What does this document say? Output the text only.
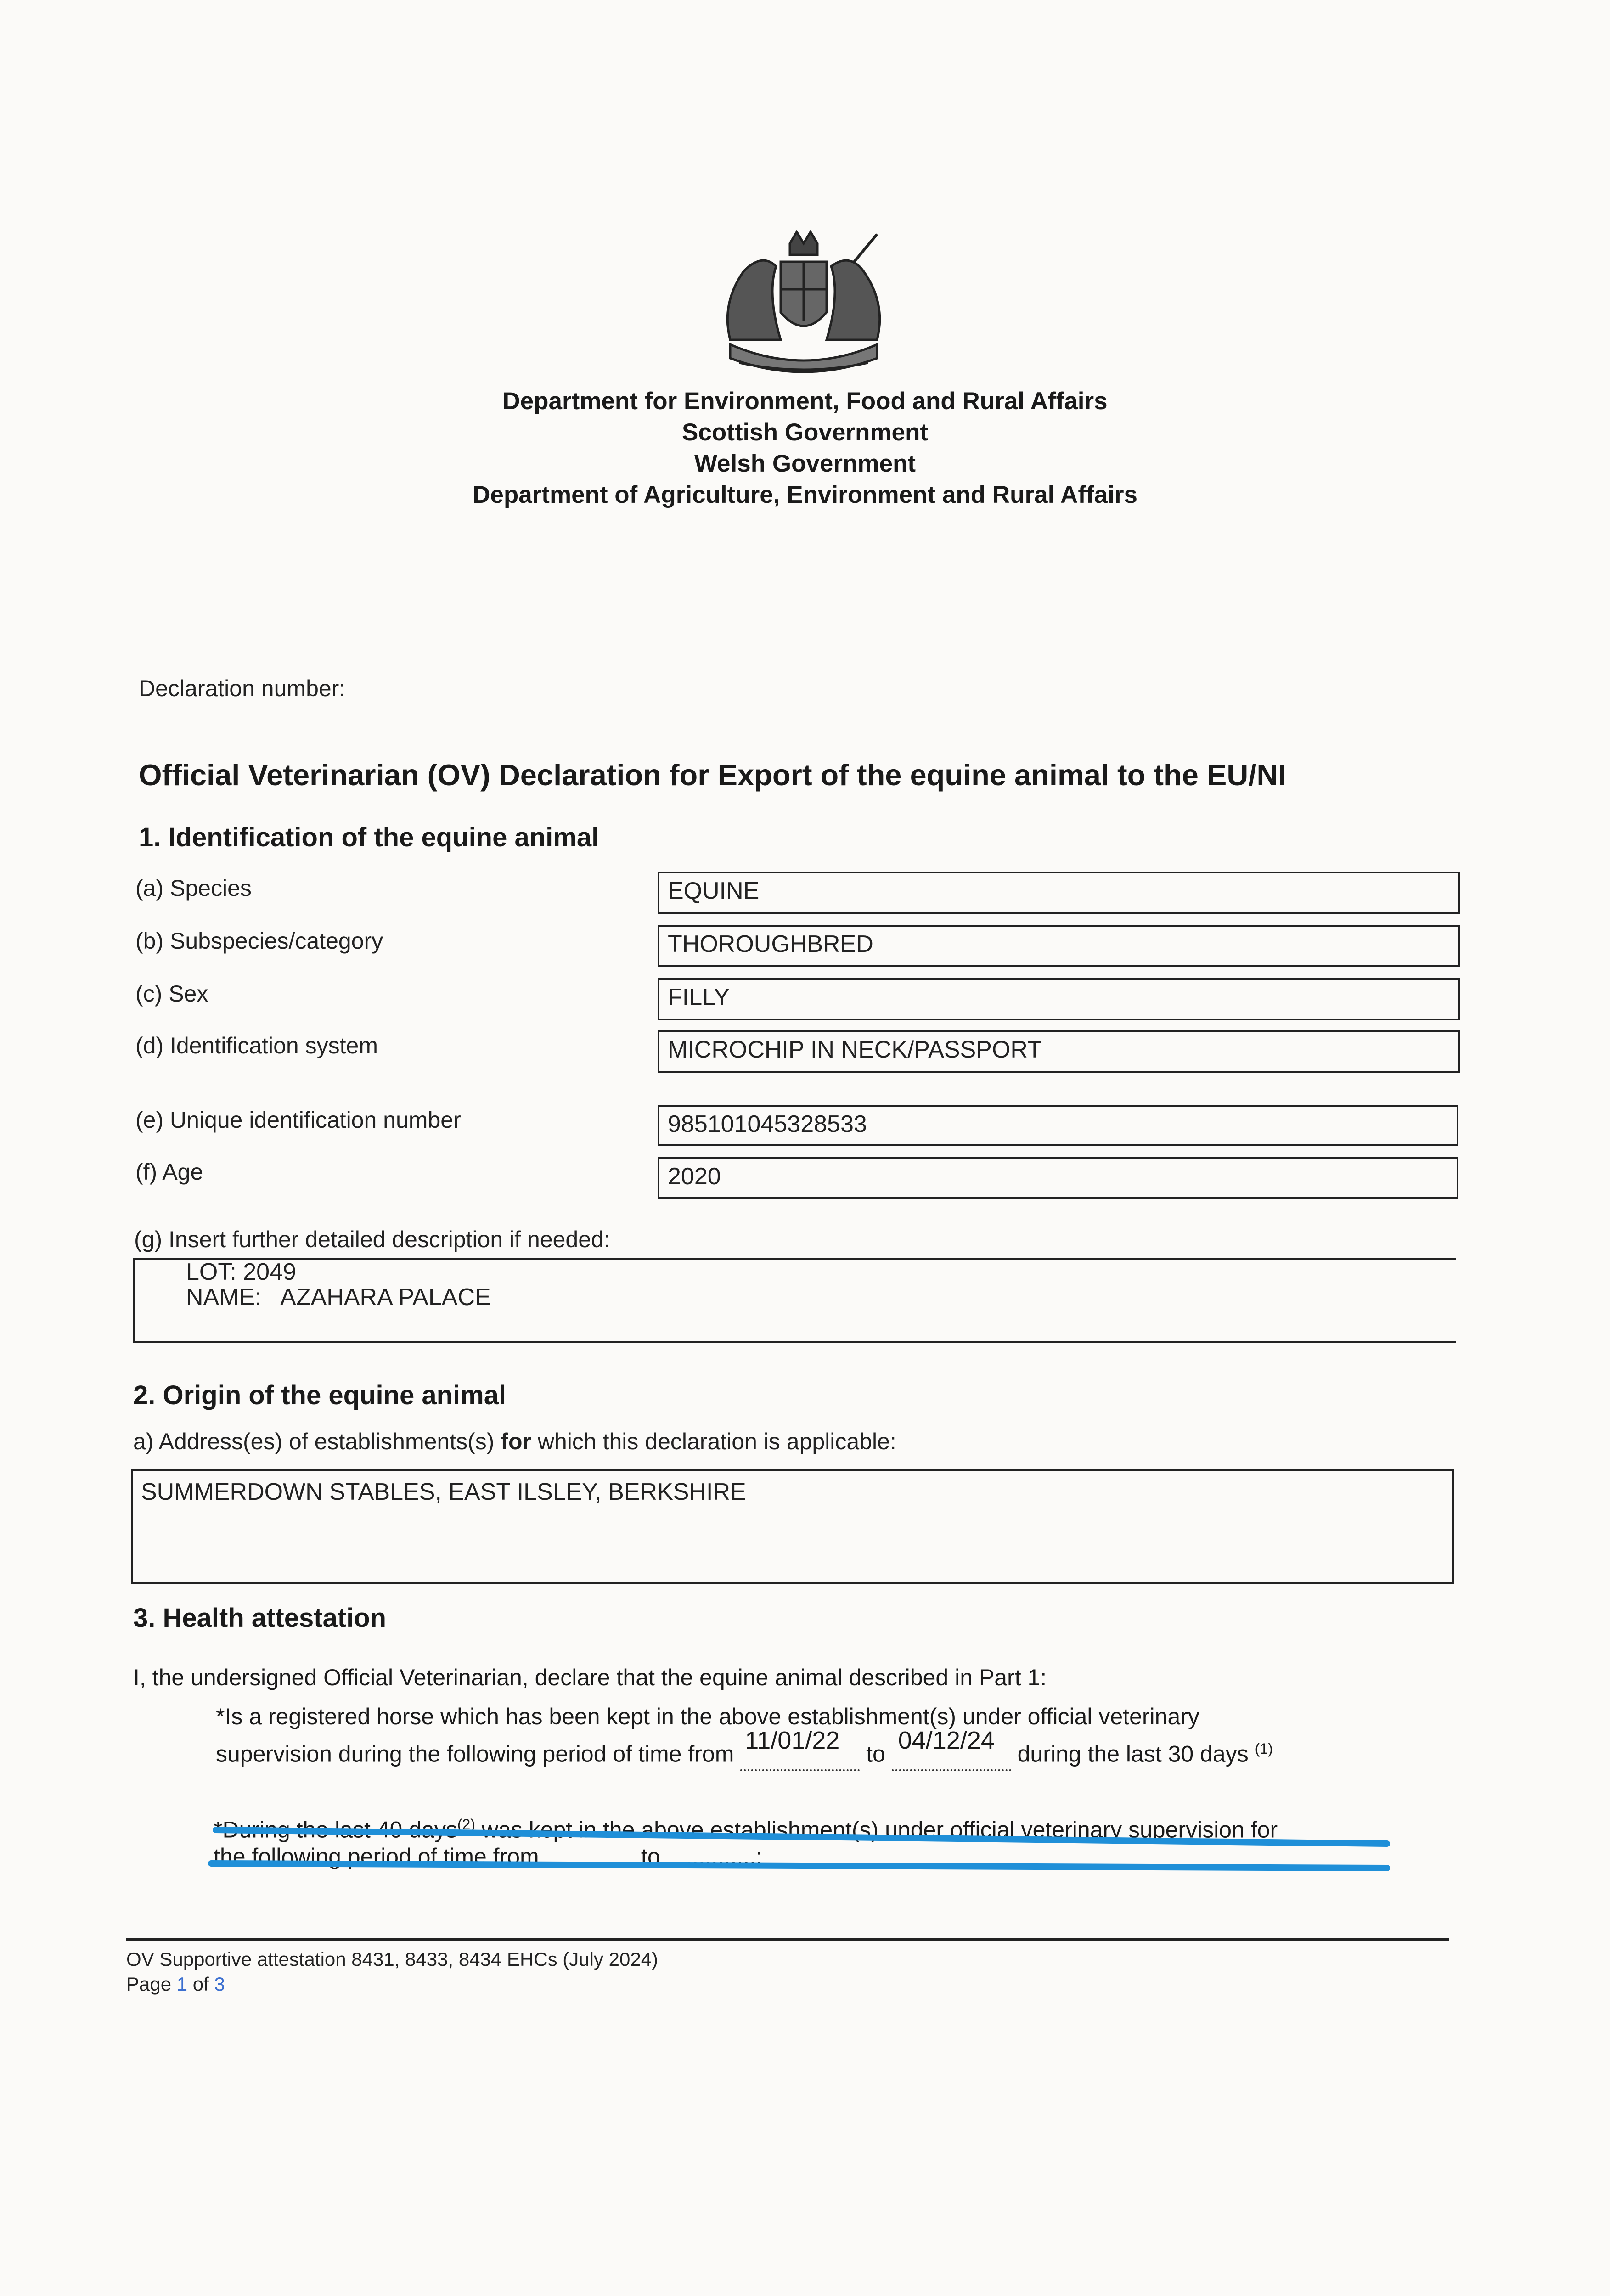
Department for Environment, Food and Rural Affairs
Scottish Government
Welsh Government
Department of Agriculture, Environment and Rural Affairs
Declaration number:
Official Veterinarian (OV) Declaration for Export of the equine animal to the EU/NI
1. Identification of the equine animal
(a) Species	EQUINE
(b) Subspecies/category	THOROUGHBRED
(c) Sex	FILLY
(d) Identification system	MICROCHIP IN NECK/PASSPORT
(e) Unique identification number	985101045328533
(f) Age	2020
(g) Insert further detailed description if needed:
LOT: 2049
NAME:   AZAHARA PALACE
2. Origin of the equine animal
a) Address(es) of establishments(s) for which this declaration is applicable:
SUMMERDOWN STABLES, EAST ILSLEY, BERKSHIRE
3. Health attestation
I, the undersigned Official Veterinarian, declare that the equine animal described in Part 1:
*Is a registered horse which has been kept in the above establishment(s) under official veterinary
supervision during the following period of time from 11/01/22 to 04/12/24 during the last 30 days $^{(1)}$
*During the last 40 days$^{(2)}$ was kept in the above establishment(s) under official veterinary supervision for
the following period of time from .............. to ..............;
OV Supportive attestation 8431, 8433, 8434 EHCs (July 2024)
Page 1 of 3
